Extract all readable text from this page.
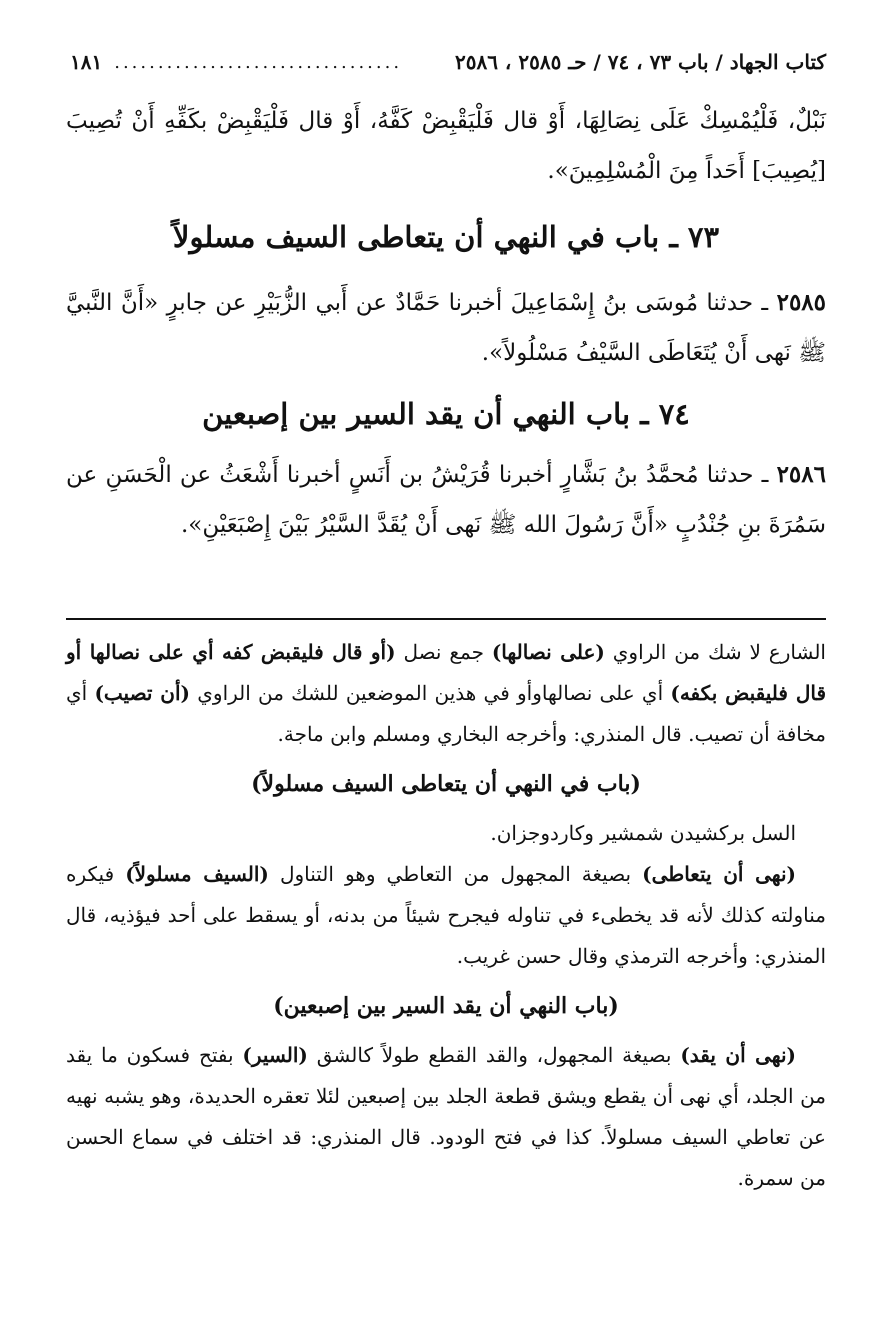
كتاب الجهاد / باب ٧٣ ، ٧٤ / حـ ٢٥٨٥ ، ٢٥٨٦
١٨١ .................................

نَبْلٌ، فَلْيُمْسِكْ عَلَى نِصَالِهَا، أَوْ قال فَلْيَقْبِضْ كَفَّهُ، أَوْ قال فَلْيَقْبِضْ بكَفِّهِ أَنْ تُصِيبَ [يُصِيبَ] أَحَداً مِنَ الْمُسْلِمِينَ».

٧٣ ـ باب في النهي أن يتعاطى السيف مسلولاً

٢٥٨٥ ـ حدثنا مُوسَى بنُ إِسْمَاعِيلَ أخبرنا حَمَّادٌ عن أَبي الزُّبَيْرِ عن جابرٍ «أَنَّ النَّبيَّ ﷺ نَهى أَنْ يُتَعَاطَى السَّيْفُ مَسْلُولاً».

٧٤ ـ باب النهي أن يقد السير بين إصبعين

٢٥٨٦ ـ حدثنا مُحمَّدُ بنُ بَشَّارٍ أخبرنا قُرَيْشُ بن أَنَسٍ أخبرنا أَشْعَثُ عن الْحَسَنِ عن سَمُرَةَ بنِ جُنْدُبٍ «أَنَّ رَسُولَ الله ﷺ نَهى أَنْ يُقَدَّ السَّيْرُ بَيْنَ إِصْبَعَيْنِ».

الشارع لا شك من الراوي (على نصالها) جمع نصل (أو قال فليقبض كفه أي على نصالها أو قال فليقبض بكفه) أي على نصالهاوأو في هذين الموضعين للشك من الراوي (أن تصيب) أي مخافة أن تصيب. قال المنذري: وأخرجه البخاري ومسلم وابن ماجة.

(باب في النهي أن يتعاطى السيف مسلولاً)

السل بركشيدن شمشير وكاردوجزان.

(نهى أن يتعاطى) بصيغة المجهول من التعاطي وهو التناول (السيف مسلولاً) فيكره مناولته كذلك لأنه قد يخطىء في تناوله فيجرح شيئاً من بدنه، أو يسقط على أحد فيؤذيه، قال المنذري: وأخرجه الترمذي وقال حسن غريب.

(باب النهي أن يقد السير بين إصبعين)

(نهى أن يقد) بصيغة المجهول، والقد القطع طولاً كالشق (السير) بفتح فسكون ما يقد من الجلد، أي نهى أن يقطع ويشق قطعة الجلد بين إصبعين لئلا تعقره الحديدة، وهو يشبه نهيه عن تعاطي السيف مسلولاً. كذا في فتح الودود. قال المنذري: قد اختلف في سماع الحسن من سمرة.
